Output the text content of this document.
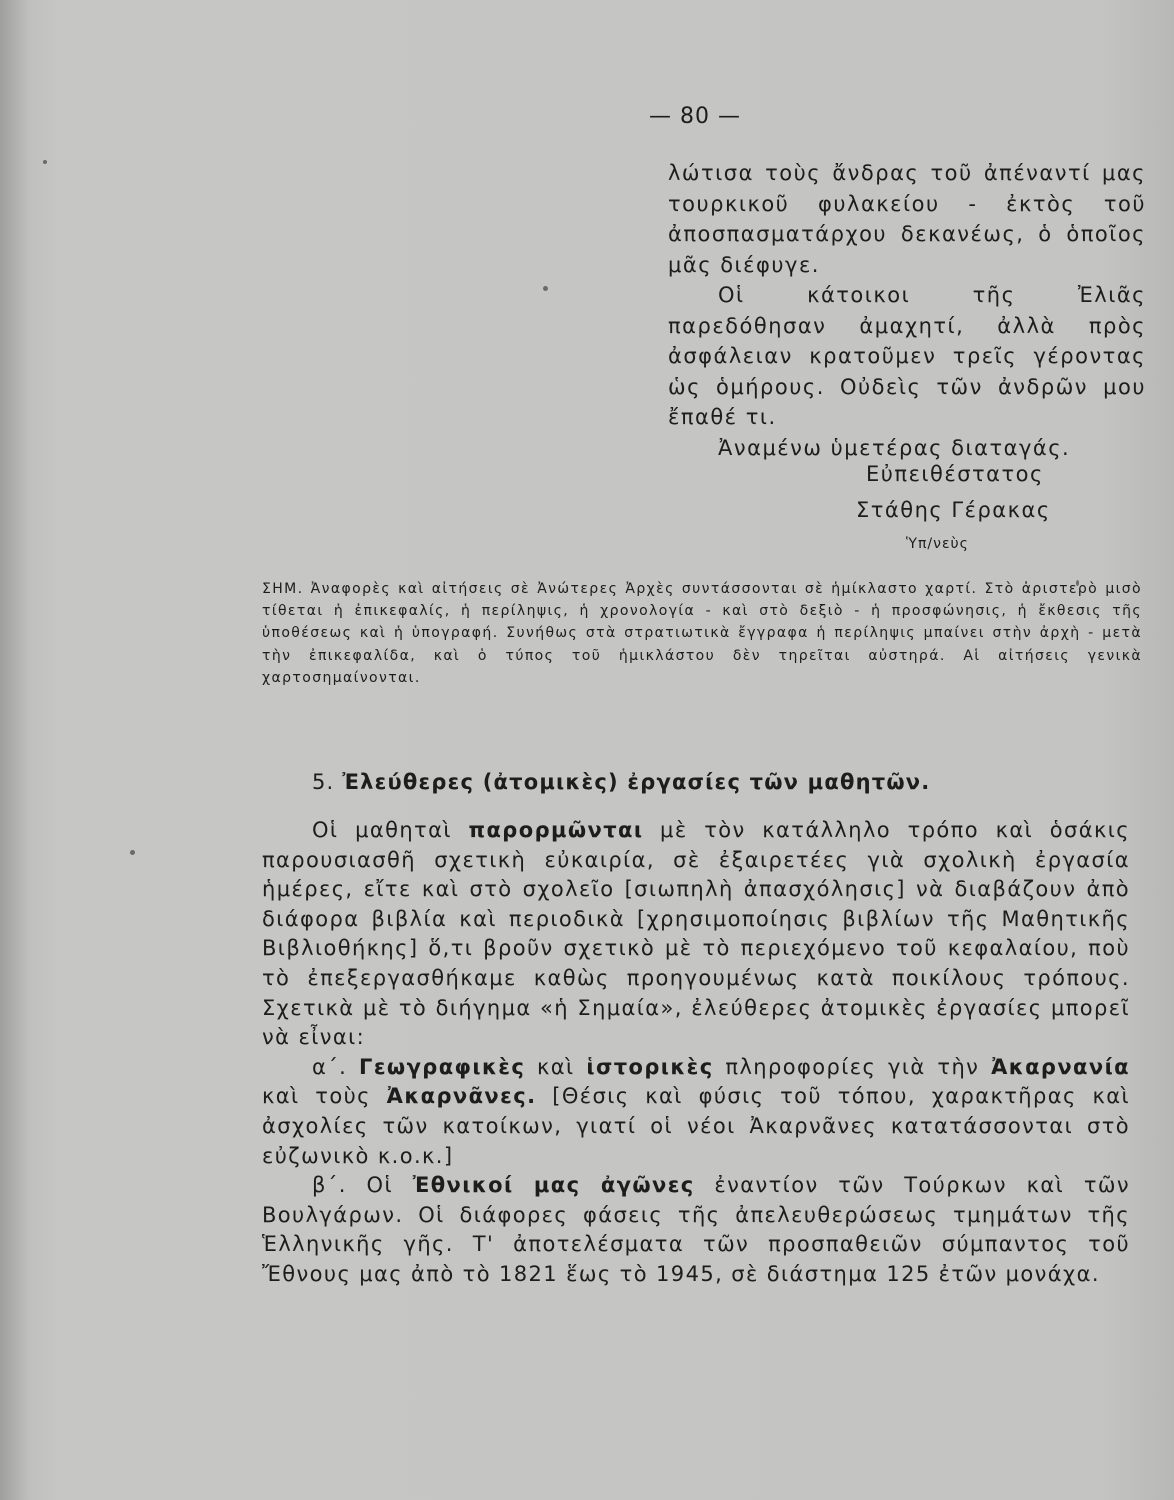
— 80 —

λώτισα τοὺς ἄνδρας τοῦ ἀπέναντί μας τουρκικοῦ φυλακείου - ἐκτὸς τοῦ ἀποσπασματάρχου δεκανέως, ὁ ὁποῖος μᾶς διέφυγε.

Οἱ κάτοικοι τῆς Ἐλιᾶς παρεδόθησαν ἀμαχητί, ἀλλὰ πρὸς ἀσφάλειαν κρατοῦμεν τρεῖς γέροντας ὡς ὁμήρους. Οὐδεὶς τῶν ἀνδρῶν μου ἔπαθέ τι.

Ἀναμένω ὑμετέρας διαταγάς.

Εὐπειθέστατος
Στάθης Γέρακας
Ὑπ/νεὺς
ΣΗΜ. Ἀναφορὲς καὶ αἰτήσεις σὲ Ἀνώτερες Ἀρχὲς συντάσσονται σὲ ἡμίκλαστο χαρτί. Στὸ ἀριστερὸ μισὸ τίθεται ἡ ἐπικεφαλίς, ἡ περίληψις, ἡ χρονολογία - καὶ στὸ δεξιὸ - ἡ προσφώνησις, ἡ ἔκθεσις τῆς ὑποθέσεως καὶ ἡ ὑπογραφή. Συνήθως στὰ στρατιωτικὰ ἔγγραφα ἡ περίληψις μπαίνει στὴν ἀρχὴ - μετὰ τὴν ἐπικεφαλίδα, καὶ ὁ τύπος τοῦ ἡμικλάστου δὲν τηρεῖται αὐστηρά. Αἱ αἰτήσεις γενικὰ χαρτοσημαίνονται.
5. Ἐλεύθερες (ἀτομικὲς) ἐργασίες τῶν μαθητῶν.

Οἱ μαθηταὶ παρορμῶνται μὲ τὸν κατάλληλο τρόπο καὶ ὁσάκις παρουσιασθῆ σχετικὴ εὐκαιρία, σὲ ἐξαιρετέες γιὰ σχολικὴ ἐργασία ἡμέρες, εἴτε καὶ στὸ σχολεῖο [σιωπηλὴ ἀπασχόλησις] νὰ διαβάζουν ἀπὸ διάφορα βιβλία καὶ περιοδικὰ [χρησιμοποίησις βιβλίων τῆς Μαθητικῆς Βιβλιοθήκης] ὅ,τι βροῦν σχετικὸ μὲ τὸ περιεχόμενο τοῦ κεφαλαίου, ποὺ τὸ ἐπεξεργασθήκαμε καθὼς προηγουμένως κατὰ ποικίλους τρόπους. Σχετικὰ μὲ τὸ διήγημα «ἡ Σημαία», ἐλεύθερες ἀτομικὲς ἐργασίες μπορεῖ νὰ εἶναι:

α΄. Γεωγραφικὲς καὶ ἱστορικὲς πληροφορίες γιὰ τὴν Ἀκαρνανία καὶ τοὺς Ἀκαρνᾶνες. [Θέσις καὶ φύσις τοῦ τόπου, χαρακτῆρας καὶ ἀσχολίες τῶν κατοίκων, γιατί οἱ νέοι Ἀκαρνᾶνες κατατάσσονται στὸ εὐζωνικὸ κ.ο.κ.]

β΄. Οἱ Ἐθνικοί μας ἀγῶνες ἐναντίον τῶν Τούρκων καὶ τῶν Βουλγάρων. Οἱ διάφορες φάσεις τῆς ἀπελευθερώσεως τμημάτων τῆς Ἑλληνικῆς γῆς. Τ' ἀποτελέσματα τῶν προσπαθειῶν σύμπαντος τοῦ Ἔθνους μας ἀπὸ τὸ 1821 ἕως τὸ 1945, σὲ διάστημα 125 ἐτῶν μονάχα.
